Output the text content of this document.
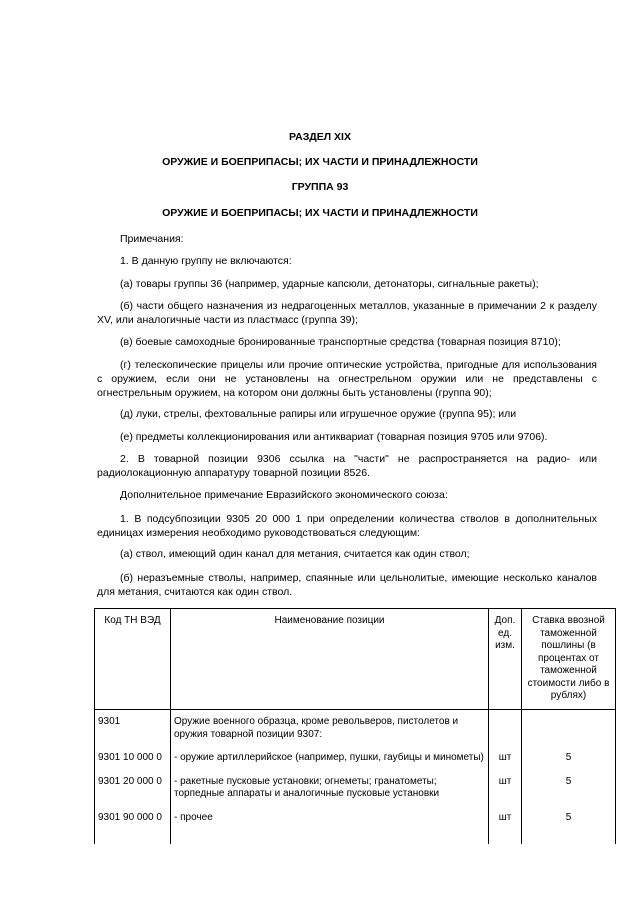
РАЗДЕЛ XIX
ОРУЖИЕ И БОЕПРИПАСЫ; ИХ ЧАСТИ И ПРИНАДЛЕЖНОСТИ
ГРУППА 93
ОРУЖИЕ И БОЕПРИПАСЫ; ИХ ЧАСТИ И ПРИНАДЛЕЖНОСТИ

Примечания:

1. В данную группу не включаются:

(а) товары группы 36 (например, ударные капсюли, детонаторы, сигнальные ракеты);

(б) части общего назначения из недрагоценных металлов, указанные в примечании 2 к разделу XV, или аналогичные части из пластмасс (группа 39);

(в) боевые самоходные бронированные транспортные средства (товарная позиция 8710);

(г) телескопические прицелы или прочие оптические устройства, пригодные для использования с оружием, если они не установлены на огнестрельном оружии или не представлены с огнестрельным оружием, на котором они должны быть установлены (группа 90);

(д) луки, стрелы, фехтовальные рапиры или игрушечное оружие (группа 95); или

(е) предметы коллекционирования или антиквариат (товарная позиция 9705 или 9706).

2. В товарной позиции 9306 ссылка на "части" не распространяется на радио- или радиолокационную аппаратуру товарной позиции 8526.

Дополнительное примечание Евразийского экономического союза:

1. В подсубпозиции 9305 20 000 1 при определении количества стволов в дополнительных единицах измерения необходимо руководствоваться следующим:

(а) ствол, имеющий один канал для метания, считается как один ствол;

(б) неразъемные стволы, например, спаянные или цельнолитые, имеющие несколько каналов для метания, считаются как один ствол.

Код ТН ВЭД	Наименование позиции	Доп. ед. изм.	Ставка ввозной таможенной пошлины (в процентах от таможенной стоимости либо в рублях)
9301	Оружие военного образца, кроме револьверов, пистолетов и оружия товарной позиции 9307:		
9301 10 000 0	- оружие артиллерийское (например, пушки, гаубицы и минометы)	шт	5
9301 20 000 0	- ракетные пусковые установки; огнеметы; гранатометы; торпедные аппараты и аналогичные пусковые установки	шт	5
9301 90 000 0	- прочее	шт	5
